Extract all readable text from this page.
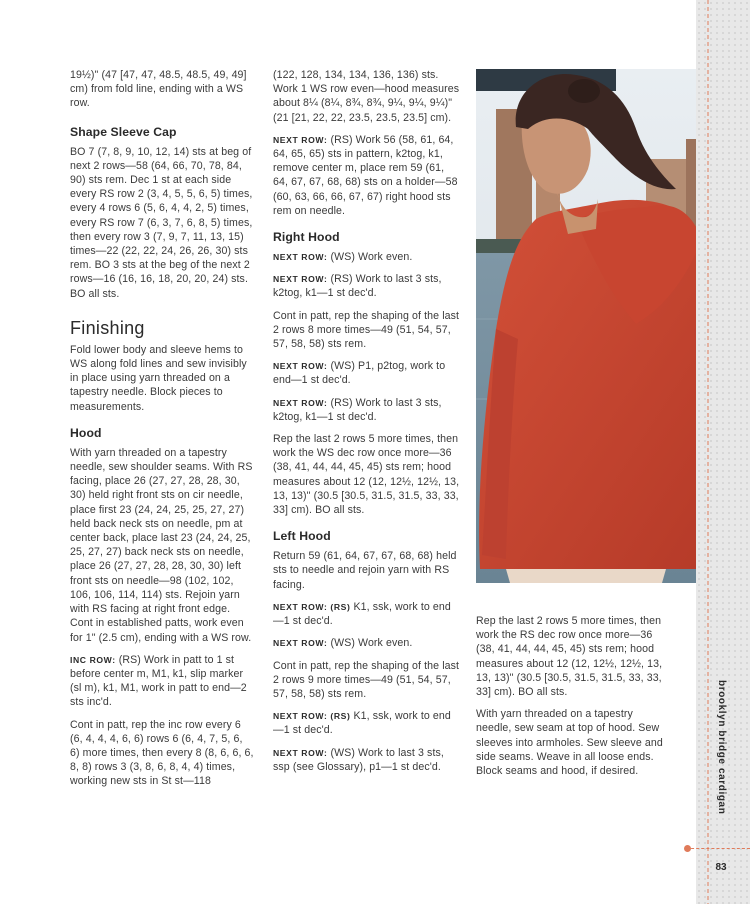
19½)" (47 [47, 47, 48.5, 48.5, 49, 49] cm) from fold line, ending with a WS row.

Shape Sleeve Cap

BO 7 (7, 8, 9, 10, 12, 14) sts at beg of next 2 rows—58 (64, 66, 70, 78, 84, 90) sts rem. Dec 1 st at each side every RS row 2 (3, 4, 5, 5, 6, 5) times, every 4 rows 6 (5, 6, 4, 4, 2, 5) times, every RS row 7 (6, 3, 7, 6, 8, 5) times, then every row 3 (7, 9, 7, 11, 13, 15) times—22 (22, 22, 24, 26, 26, 30) sts rem. BO 3 sts at the beg of the next 2 rows—16 (16, 16, 18, 20, 20, 24) sts. BO all sts.

Finishing

Fold lower body and sleeve hems to WS along fold lines and sew invisibly in place using yarn threaded on a tapestry needle. Block pieces to measurements.

Hood

With yarn threaded on a tapestry needle, sew shoulder seams. With RS facing, place 26 (27, 27, 28, 28, 30, 30) held right front sts on cir needle, place first 23 (24, 24, 25, 25, 27, 27) held back neck sts on needle, pm at center back, place last 23 (24, 24, 25, 25, 27, 27) back neck sts on needle, place 26 (27, 27, 28, 28, 30, 30) left front sts on needle—98 (102, 102, 106, 106, 114, 114) sts. Rejoin yarn with RS facing at right front edge. Cont in established patts, work even for 1" (2.5 cm), ending with a WS row.

INC ROW: (RS) Work in patt to 1 st before center m, M1, k1, slip marker (sl m), k1, M1, work in patt to end—2 sts inc'd.

Cont in patt, rep the inc row every 6 (6, 4, 4, 4, 6, 6) rows 6 (6, 4, 7, 5, 6, 6) more times, then every 8 (8, 6, 6, 6, 8, 8) rows 3 (3, 8, 6, 8, 4, 4) times, working new sts in St st—118

(122, 128, 134, 134, 136, 136) sts. Work 1 WS row even—hood measures about 8¼ (8¼, 8¾, 8¾, 9¼, 9¼, 9¼)" (21 [21, 22, 22, 23.5, 23.5, 23.5] cm).

NEXT ROW: (RS) Work 56 (58, 61, 64, 64, 65, 65) sts in pattern, k2tog, k1, remove center m, place rem 59 (61, 64, 67, 67, 68, 68) sts on a holder—58 (60, 63, 66, 66, 67, 67) right hood sts rem on needle.

Right Hood

NEXT ROW: (WS) Work even.

NEXT ROW: (RS) Work to last 3 sts, k2tog, k1—1 st dec'd.

Cont in patt, rep the shaping of the last 2 rows 8 more times—49 (51, 54, 57, 57, 58, 58) sts rem.

NEXT ROW: (WS) P1, p2tog, work to end—1 st dec'd.

NEXT ROW: (RS) Work to last 3 sts, k2tog, k1—1 st dec'd.

Rep the last 2 rows 5 more times, then work the WS dec row once more—36 (38, 41, 44, 44, 45, 45) sts rem; hood measures about 12 (12, 12½, 12½, 13, 13, 13)" (30.5 [30.5, 31.5, 31.5, 33, 33, 33] cm). BO all sts.

Left Hood

Return 59 (61, 64, 67, 67, 68, 68) held sts to needle and rejoin yarn with RS facing.

NEXT ROW: (RS) K1, ssk, work to end—1 st dec'd.

NEXT ROW: (WS) Work even.

Cont in patt, rep the shaping of the last 2 rows 9 more times—49 (51, 54, 57, 57, 58, 58) sts rem.

NEXT ROW: (RS) K1, ssk, work to end—1 st dec'd.

NEXT ROW: (WS) Work to last 3 sts, ssp (see Glossary), p1—1 st dec'd.

Rep the last 2 rows 5 more times, then work the RS dec row once more—36 (38, 41, 44, 44, 45, 45) sts rem; hood measures about 12 (12, 12½, 12½, 13, 13, 13)" (30.5 [30.5, 31.5, 31.5, 33, 33, 33] cm). BO all sts.

With yarn threaded on a tapestry needle, sew seam at top of hood. Sew sleeves into armholes. Sew sleeve and side seams. Weave in all loose ends. Block seams and hood, if desired.	brooklyn bridge cardigan
83
